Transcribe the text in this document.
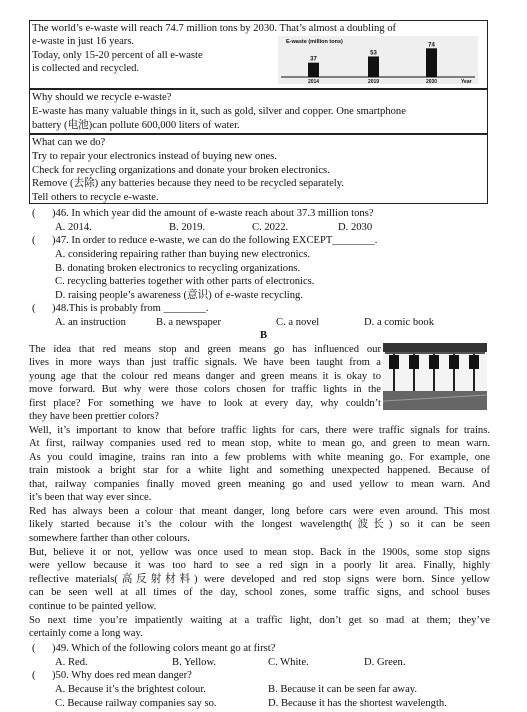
The world’s e-waste will reach 74.7 million tons by 2030. That’s almost a doubling of
e-waste in just 16 years.
Today, only 15-20 percent of all e-waste
is collected and recycled.
E-waste (million tons)
Year
37
2014
53
2019
74
2030
Why should we recycle e-waste?
E-waste has many valuable things in it, such as gold, silver and copper. One smartphone
battery (电池)can pollute 600,000 liters of water.
What can we do?
Try to repair your electronics instead of buying new ones.
Check for recycling organizations and donate your broken electronics.
Remove (去除) any batteries because they need to be recycled separately.
Tell others to recycle e-waste.
( )46. In which year did the amount of e-waste reach about 37.3 million tons?
A. 2014.	B. 2019.	C. 2022.	D. 2030
( )47. In order to reduce e-waste, we can do the following EXCEPT________.
A. considering repairing rather than buying new electronics.
B. donating broken electronics to recycling organizations.
C. recycling batteries together with other parts of electronics.
D. raising people’s awareness (意识) of e-waste recycling.
( )48.This is probably from ________.
A. an instruction	B. a newspaper	C. a novel	D. a comic book
B
The idea that red means stop and green means go has influenced our
lives in more ways than just traffic signals. We have been taught from a
young age that the colour red means danger and green means it is okay to
move forward. But why were those colors chosen for traffic lights in the
first place? For something we have to look at every day, why couldn’t
they have been prettier colors?
Well, it’s important to know that before traffic lights for cars, there were traffic signals for trains.
At first, railway companies used red to mean stop, white to mean go, and green to mean warn.
As you could imagine, trains ran into a few problems with white meaning go. For example, one
train mistook a bright star for a white light and something unexpected happened. Because of
that, railway companies finally moved green meaning go and used yellow to mean warn. And
it’s been that way ever since.
Red has always been a colour that meant danger, long before cars were even around. This most
likely started because it’s the colour with the longest wavelength(波长) so it can be seen
somewhere farther than other colours.
But, believe it or not, yellow was once used to mean stop. Back in the 1900s, some stop signs
were yellow because it was too hard to see a red sign in a poorly lit area. Finally, highly
reflective materials(高反射材料) were developed and red stop signs were born. Since yellow
can be seen well at all times of the day, school zones, some traffic signs, and school buses
continue to be painted yellow.
So next time you’re impatiently waiting at a traffic light, don’t get so mad at them; they’ve
certainly come a long way.
( )49. Which of the following colors meant go at first?
A. Red.	B. Yellow.	C. White.	D. Green.
( )50. Why does red mean danger?
A. Because it’s the brightest colour.	B. Because it can be seen far away.
C. Because railway companies say so.	D. Because it has the shortest wavelength.
